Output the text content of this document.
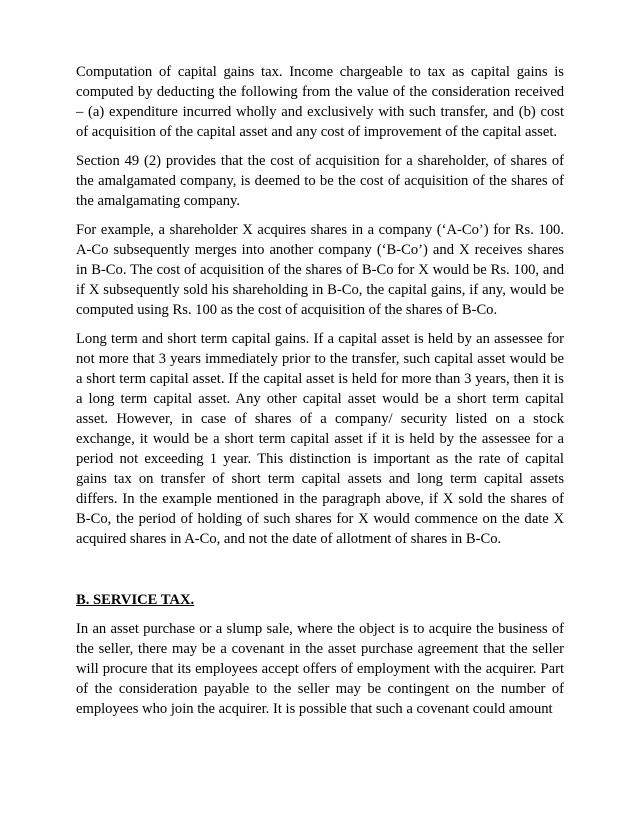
Computation of capital gains tax. Income chargeable to tax as capital gains is computed by deducting the following from the value of the consideration received – (a) expenditure incurred wholly and exclusively with such transfer, and (b) cost of acquisition of the capital asset and any cost of improvement of the capital asset.

Section 49 (2) provides that the cost of acquisition for a shareholder, of shares of the amalgamated company, is deemed to be the cost of acquisition of the shares of the amalgamating company.

For example, a shareholder X acquires shares in a company (‘A-Co’) for Rs. 100. A-Co subsequently merges into another company (‘B-Co’) and X receives shares in B-Co. The cost of acquisition of the shares of B-Co for X would be Rs. 100, and if X subsequently sold his shareholding in B-Co, the capital gains, if any, would be computed using Rs. 100 as the cost of acquisition of the shares of B-Co.

Long term and short term capital gains. If a capital asset is held by an assessee for not more that 3 years immediately prior to the transfer, such capital asset would be a short term capital asset. If the capital asset is held for more than 3 years, then it is a long term capital asset. Any other capital asset would be a short term capital asset. However, in case of shares of a company/ security listed on a stock exchange, it would be a short term capital asset if it is held by the assessee for a period not exceeding 1 year. This distinction is important as the rate of capital gains tax on transfer of short term capital assets and long term capital assets differs. In the example mentioned in the paragraph above, if X sold the shares of B-Co, the period of holding of such shares for X would commence on the date X acquired shares in A-Co, and not the date of allotment of shares in B-Co.

B. SERVICE TAX.

In an asset purchase or a slump sale, where the object is to acquire the business of the seller, there may be a covenant in the asset purchase agreement that the seller will procure that its employees accept offers of employment with the acquirer. Part of the consideration payable to the seller may be contingent on the number of employees who join the acquirer. It is possible that such a covenant could amount
